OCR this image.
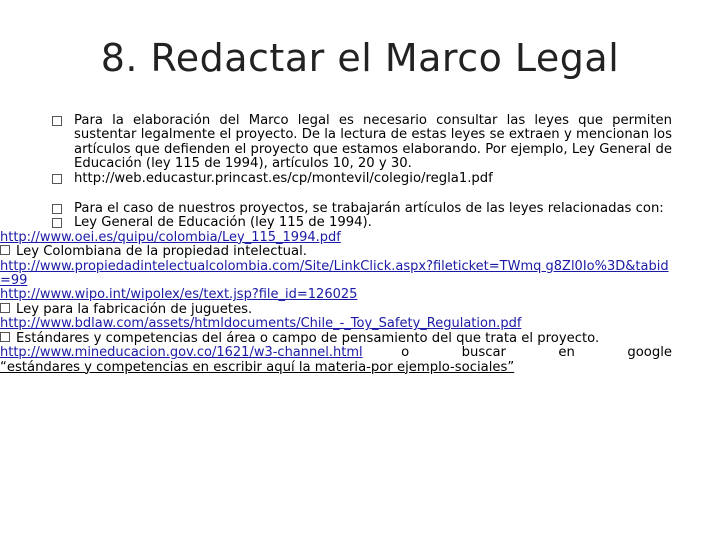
8. Redactar el Marco Legal
Para la elaboración del Marco legal es necesario consultar las leyes que permiten sustentar legalmente el proyecto. De la lectura de estas leyes se extraen y mencionan los artículos que defienden el proyecto que estamos elaborando. Por ejemplo, Ley General de Educación (ley 115 de 1994), artículos 10, 20 y 30.
http://web.educastur.princast.es/cp/montevil/colegio/regla1.pdf
Para el caso de nuestros proyectos, se trabajarán artículos de las leyes relacionadas con:
Ley General de Educación (ley 115 de 1994).
http://www.oei.es/quipu/colombia/Ley_115_1994.pdf
Ley Colombiana de la propiedad intelectual.
http://www.propiedadintelectualcolombia.com/Site/LinkClick.aspx?fileticket=TWmq g8Zl0Io%3D&tabid=99
http://www.wipo.int/wipolex/es/text.jsp?file_id=126025
Ley para la fabricación de juguetes.
http://www.bdlaw.com/assets/htmldocuments/Chile_-_Toy_Safety_Regulation.pdf
Estándares y competencias del área o campo de pensamiento del que trata el proyecto.
http://www.mineducacion.gov.co/1621/w3-channel.html	o buscar en google
“estándares y competencias en escribir aquí la materia-por ejemplo-sociales”
